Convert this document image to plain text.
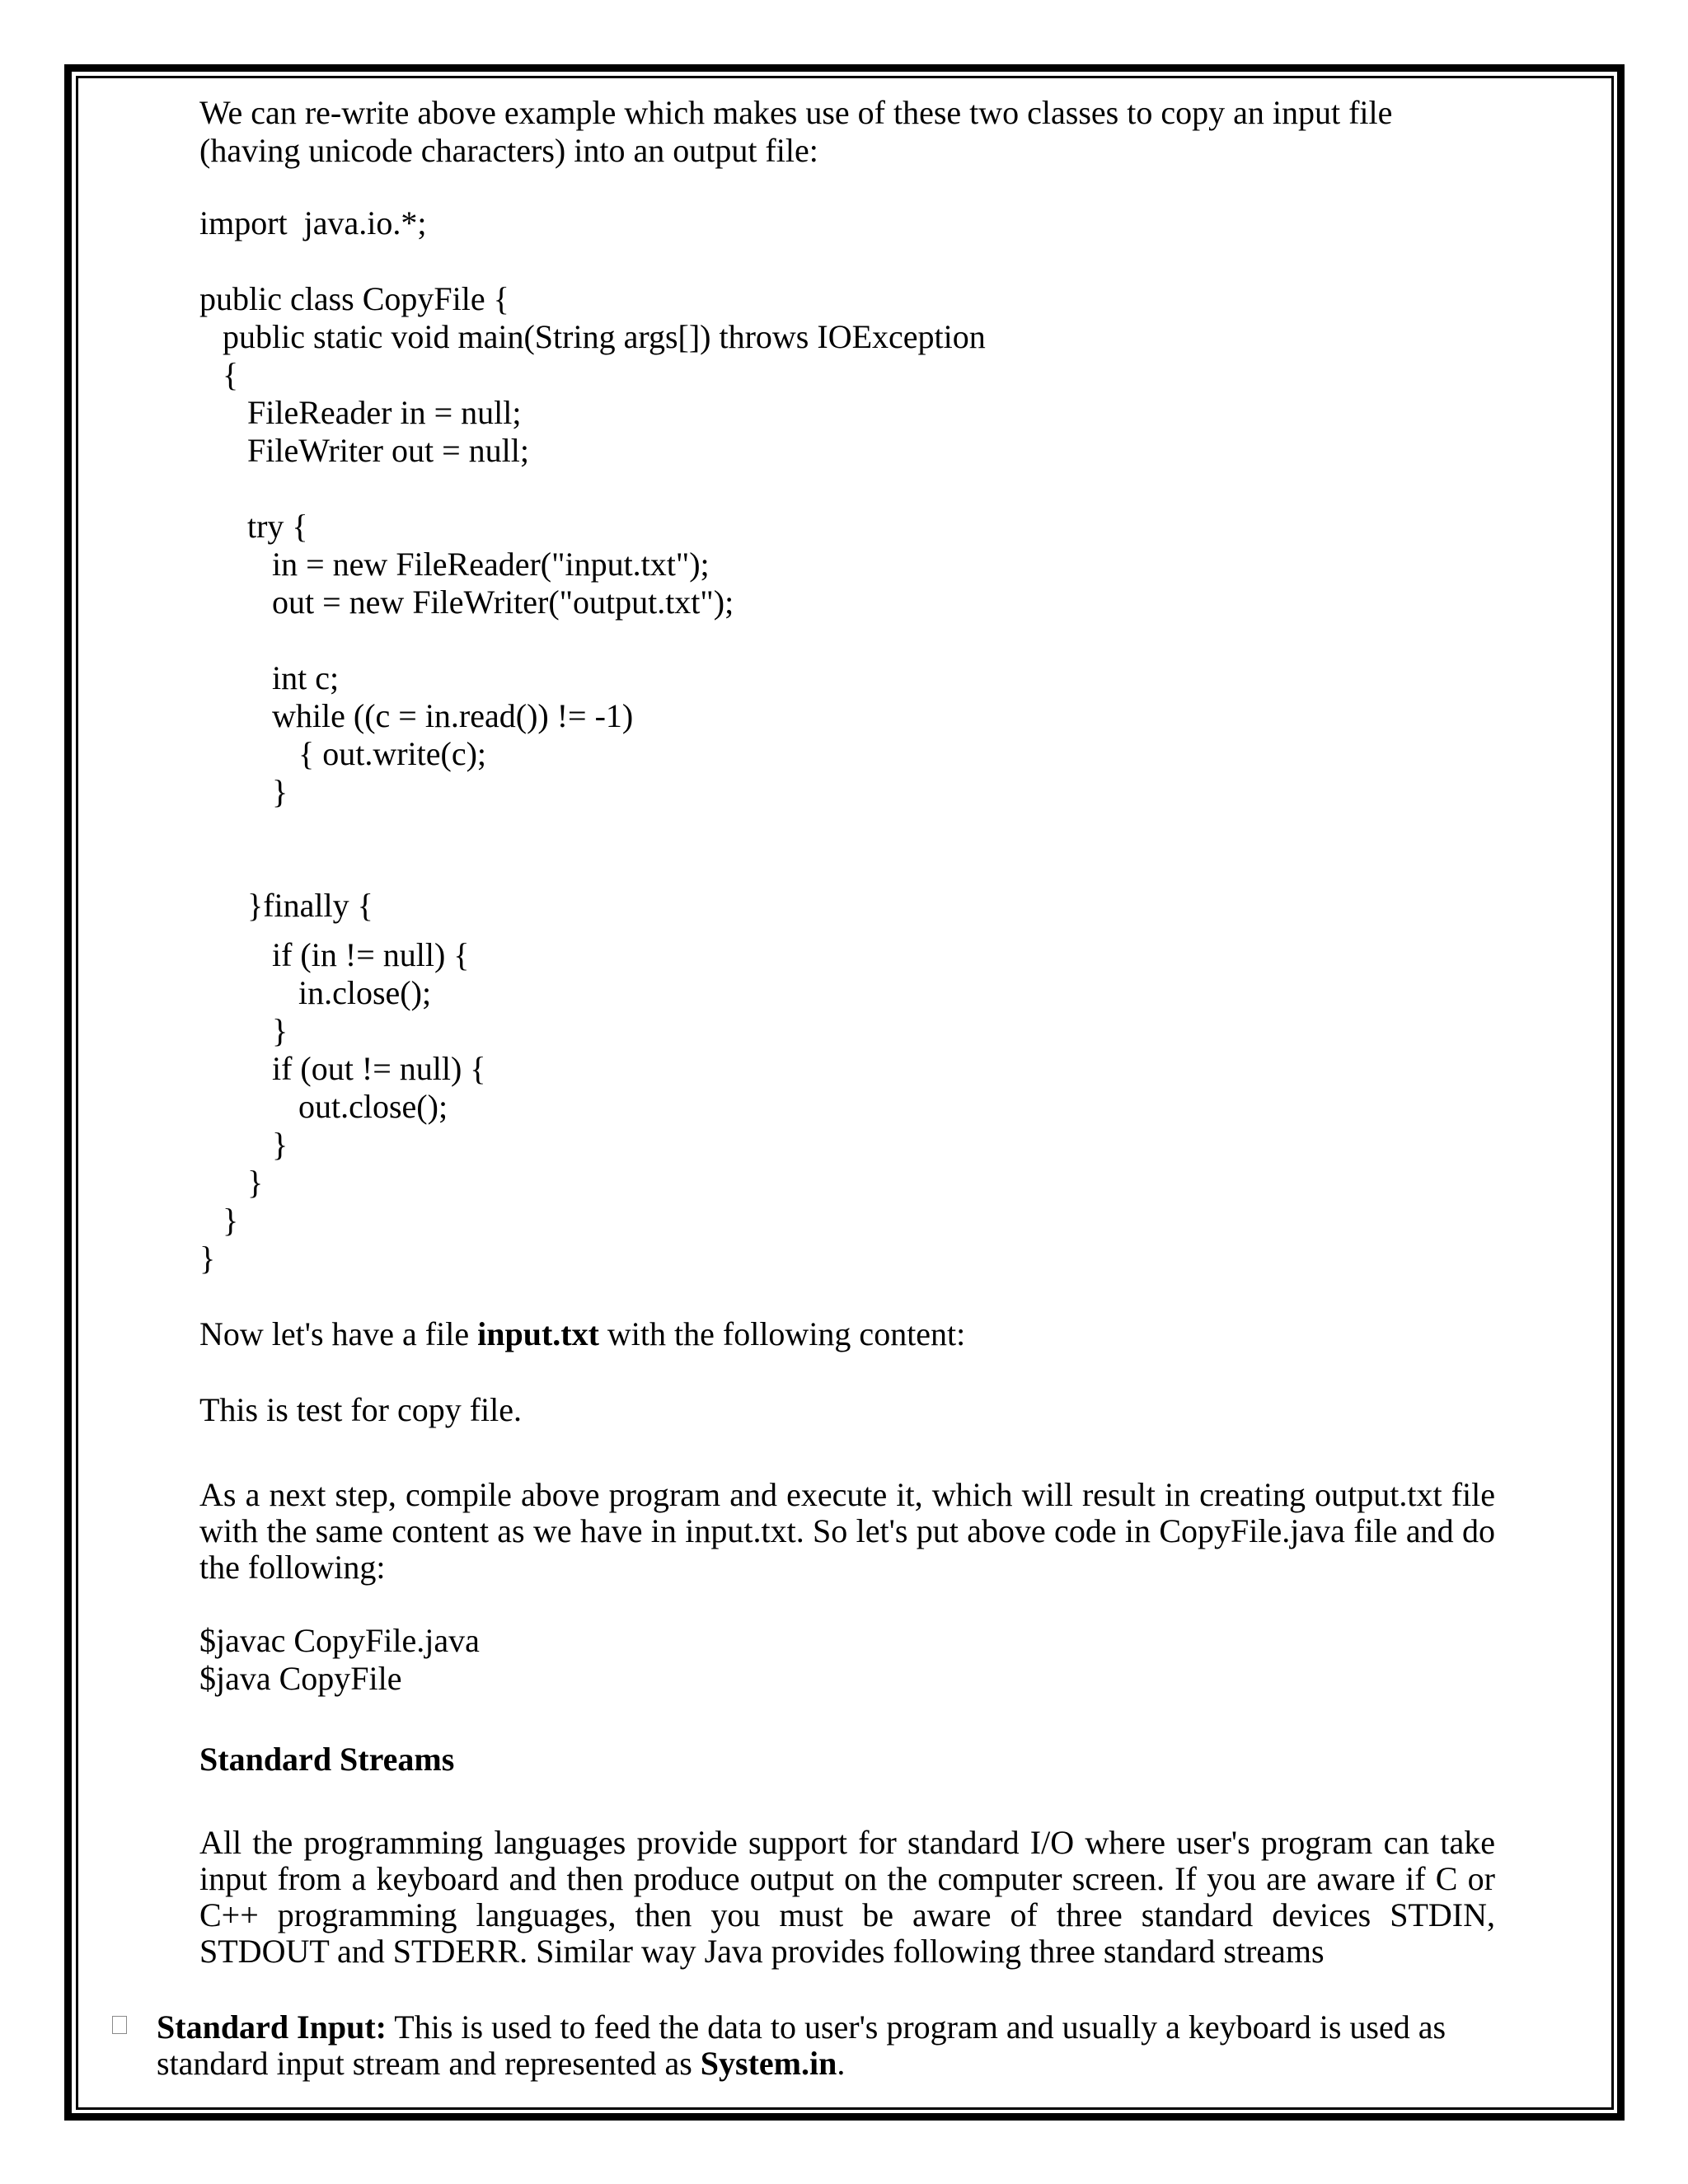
We can re-write above example which makes use of these two classes to copy an input file
(having unicode characters) into an output file:
import  java.io.*;
public class CopyFile {
public static void main(String args[]) throws IOException
{
FileReader in = null;
FileWriter out = null;
try {
in = new FileReader("input.txt");
out = new FileWriter("output.txt");
int c;
while ((c = in.read()) != -1)
{ out.write(c);
}
}finally {
if (in != null) {
in.close();
}
if (out != null) {
out.close();
}
}
}
}
Now let's have a file input.txt with the following content:
This is test for copy file.
As a next step, compile above program and execute it, which will result in creating output.txt file with the same content as we have in input.txt. So let's put above code in CopyFile.java file and do the following:
$javac CopyFile.java
$java CopyFile
Standard Streams
All the programming languages provide support for standard I/O where user's program can take input from a keyboard and then produce output on the computer screen. If you are aware if C or C++ programming languages, then you must be aware of three standard devices STDIN, STDOUT and STDERR. Similar way Java provides following three standard streams
Standard Input: This is used to feed the data to user's program and usually a keyboard is used as standard input stream and represented as System.in.
